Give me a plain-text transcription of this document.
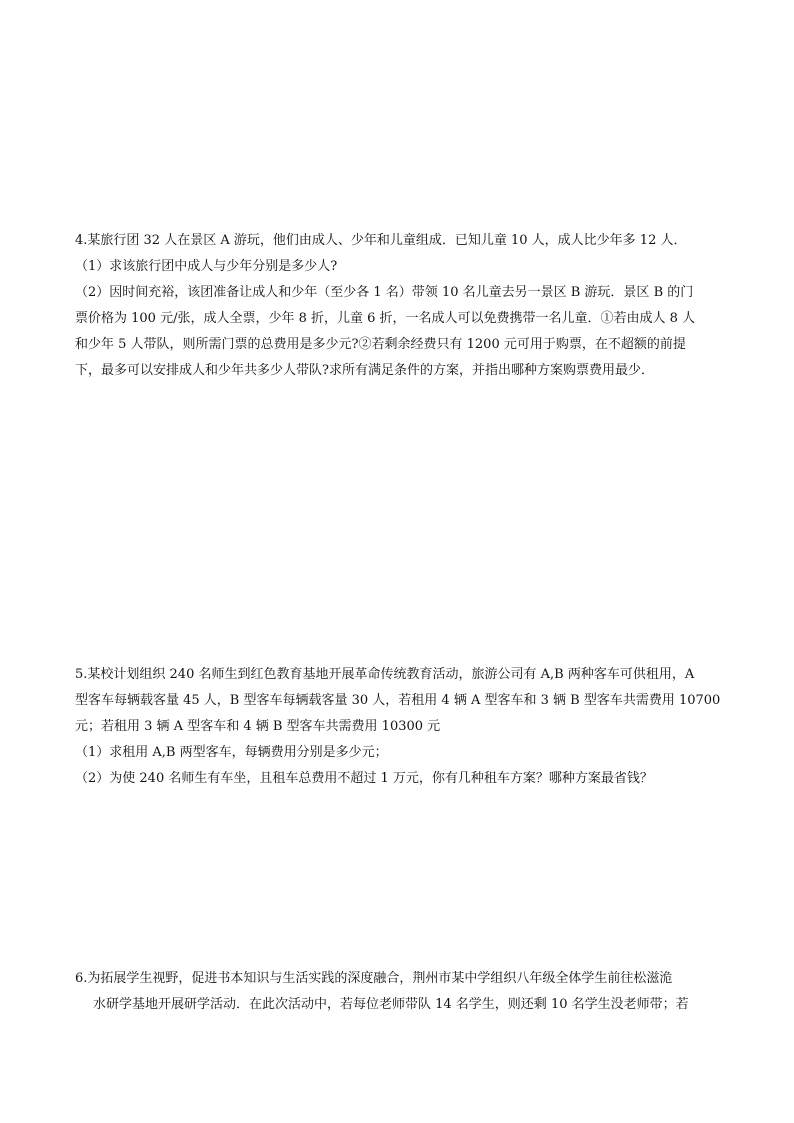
4.某旅行团 32 人在景区 A 游玩，他们由成人、少年和儿童组成．已知儿童 10 人，成人比少年多 12 人．
（1）求该旅行团中成人与少年分别是多少人?
（2）因时间充裕，该团准备让成人和少年（至少各 1 名）带领 10 名儿童去另一景区 B 游玩．景区 B 的门
票价格为 100 元/张，成人全票，少年 8 折，儿童 6 折，一名成人可以免费携带一名儿童．①若由成人 8 人
和少年 5 人带队，则所需门票的总费用是多少元?②若剩余经费只有 1200 元可用于购票，在不超额的前提
下，最多可以安排成人和少年共多少人带队?求所有满足条件的方案，并指出哪种方案购票费用最少．
5.某校计划组织 240 名师生到红色教育基地开展革命传统教育活动，旅游公司有 A,B 两种客车可供租用，A
型客车每辆载客量 45 人，B 型客车每辆载客量 30 人，若租用 4 辆 A 型客车和 3 辆 B 型客车共需费用 10700
元；若租用 3 辆 A 型客车和 4 辆 B 型客车共需费用 10300 元
（1）求租用 A,B 两型客车，每辆费用分别是多少元；
（2）为使 240 名师生有车坐，且租车总费用不超过 1 万元，你有几种租车方案？哪种方案最省钱？
6.为拓展学生视野，促进书本知识与生活实践的深度融合，荆州市某中学组织八年级全体学生前往松滋洈
水研学基地开展研学活动．在此次活动中，若每位老师带队 14 名学生，则还剩 10 名学生没老师带；若
